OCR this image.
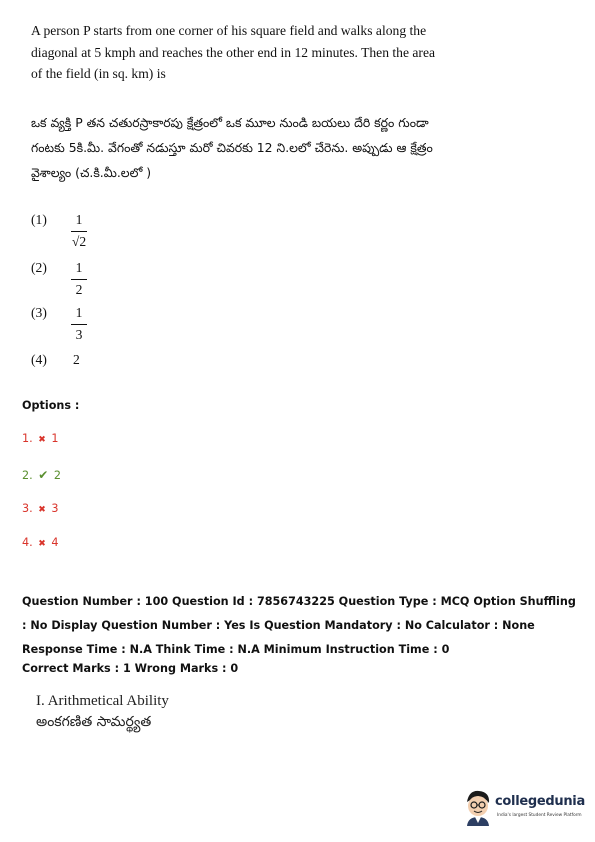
A person P starts from one corner of his square field and walks along the diagonal at 5 kmph and reaches the other end in 12 minutes. Then the area of the field (in sq. km) is
ఒక వ్యక్తి P తన చతురస్రాకారపు క్షేత్రంలో ఒక మూల నుండి బయలు దేరి కర్ణం గుండా గంటకు 5కి.మీ. వేగంతో నడుస్తూ మరో చివరకు 12 ని.లలో చేరెను. అప్పుడు ఆ క్షేత్రం వైశాల్యం (చ.కి.మీ.లలో )
(1)	1
√2
(2)	1
2
(3)	1
3
(4)	2
Options :
1. ✖ 1
2. ✔ 2
3. ✖ 3
4. ✖ 4
Question Number : 100 Question Id : 7856743225 Question Type : MCQ Option Shuffling : No Display Question Number : Yes Is Question Mandatory : No Calculator : None Response Time : N.A Think Time : N.A Minimum Instruction Time : 0
Correct Marks : 1 Wrong Marks : 0
I. Arithmetical Ability
అంకగణిత సామర్థ్యత
collegedunia
India's largest Student Review Platform
